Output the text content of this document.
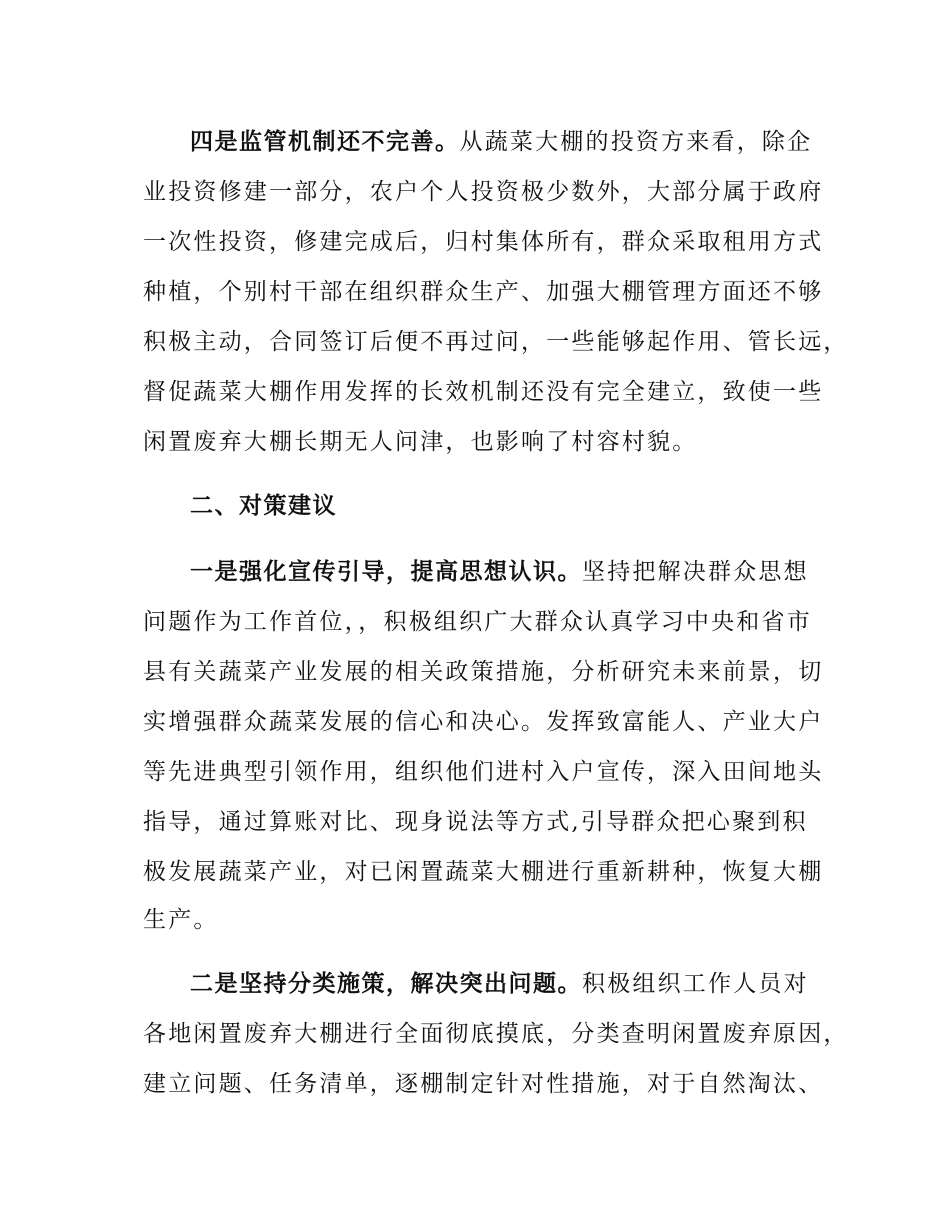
四是监管机制还不完善。从蔬菜大棚的投资方来看，除企
业投资修建一部分，农户个人投资极少数外，大部分属于政府
一次性投资，修建完成后，归村集体所有，群众采取租用方式
种植，个别村干部在组织群众生产、加强大棚管理方面还不够
积极主动，合同签订后便不再过问，一些能够起作用、管长远，
督促蔬菜大棚作用发挥的长效机制还没有完全建立，致使一些
闲置废弃大棚长期无人问津，也影响了村容村貌。
二、对策建议
一是强化宣传引导，提高思想认识。坚持把解决群众思想
问题作为工作首位，，积极组织广大群众认真学习中央和省市
县有关蔬菜产业发展的相关政策措施，分析研究未来前景，切
实增强群众蔬菜发展的信心和决心。发挥致富能人、产业大户
等先进典型引领作用，组织他们进村入户宣传，深入田间地头
指导，通过算账对比、现身说法等方式,引导群众把心聚到积
极发展蔬菜产业，对已闲置蔬菜大棚进行重新耕种，恢复大棚
生产。
二是坚持分类施策，解决突出问题。积极组织工作人员对
各地闲置废弃大棚进行全面彻底摸底，分类查明闲置废弃原因，
建立问题、任务清单，逐棚制定针对性措施，对于自然淘汰、
